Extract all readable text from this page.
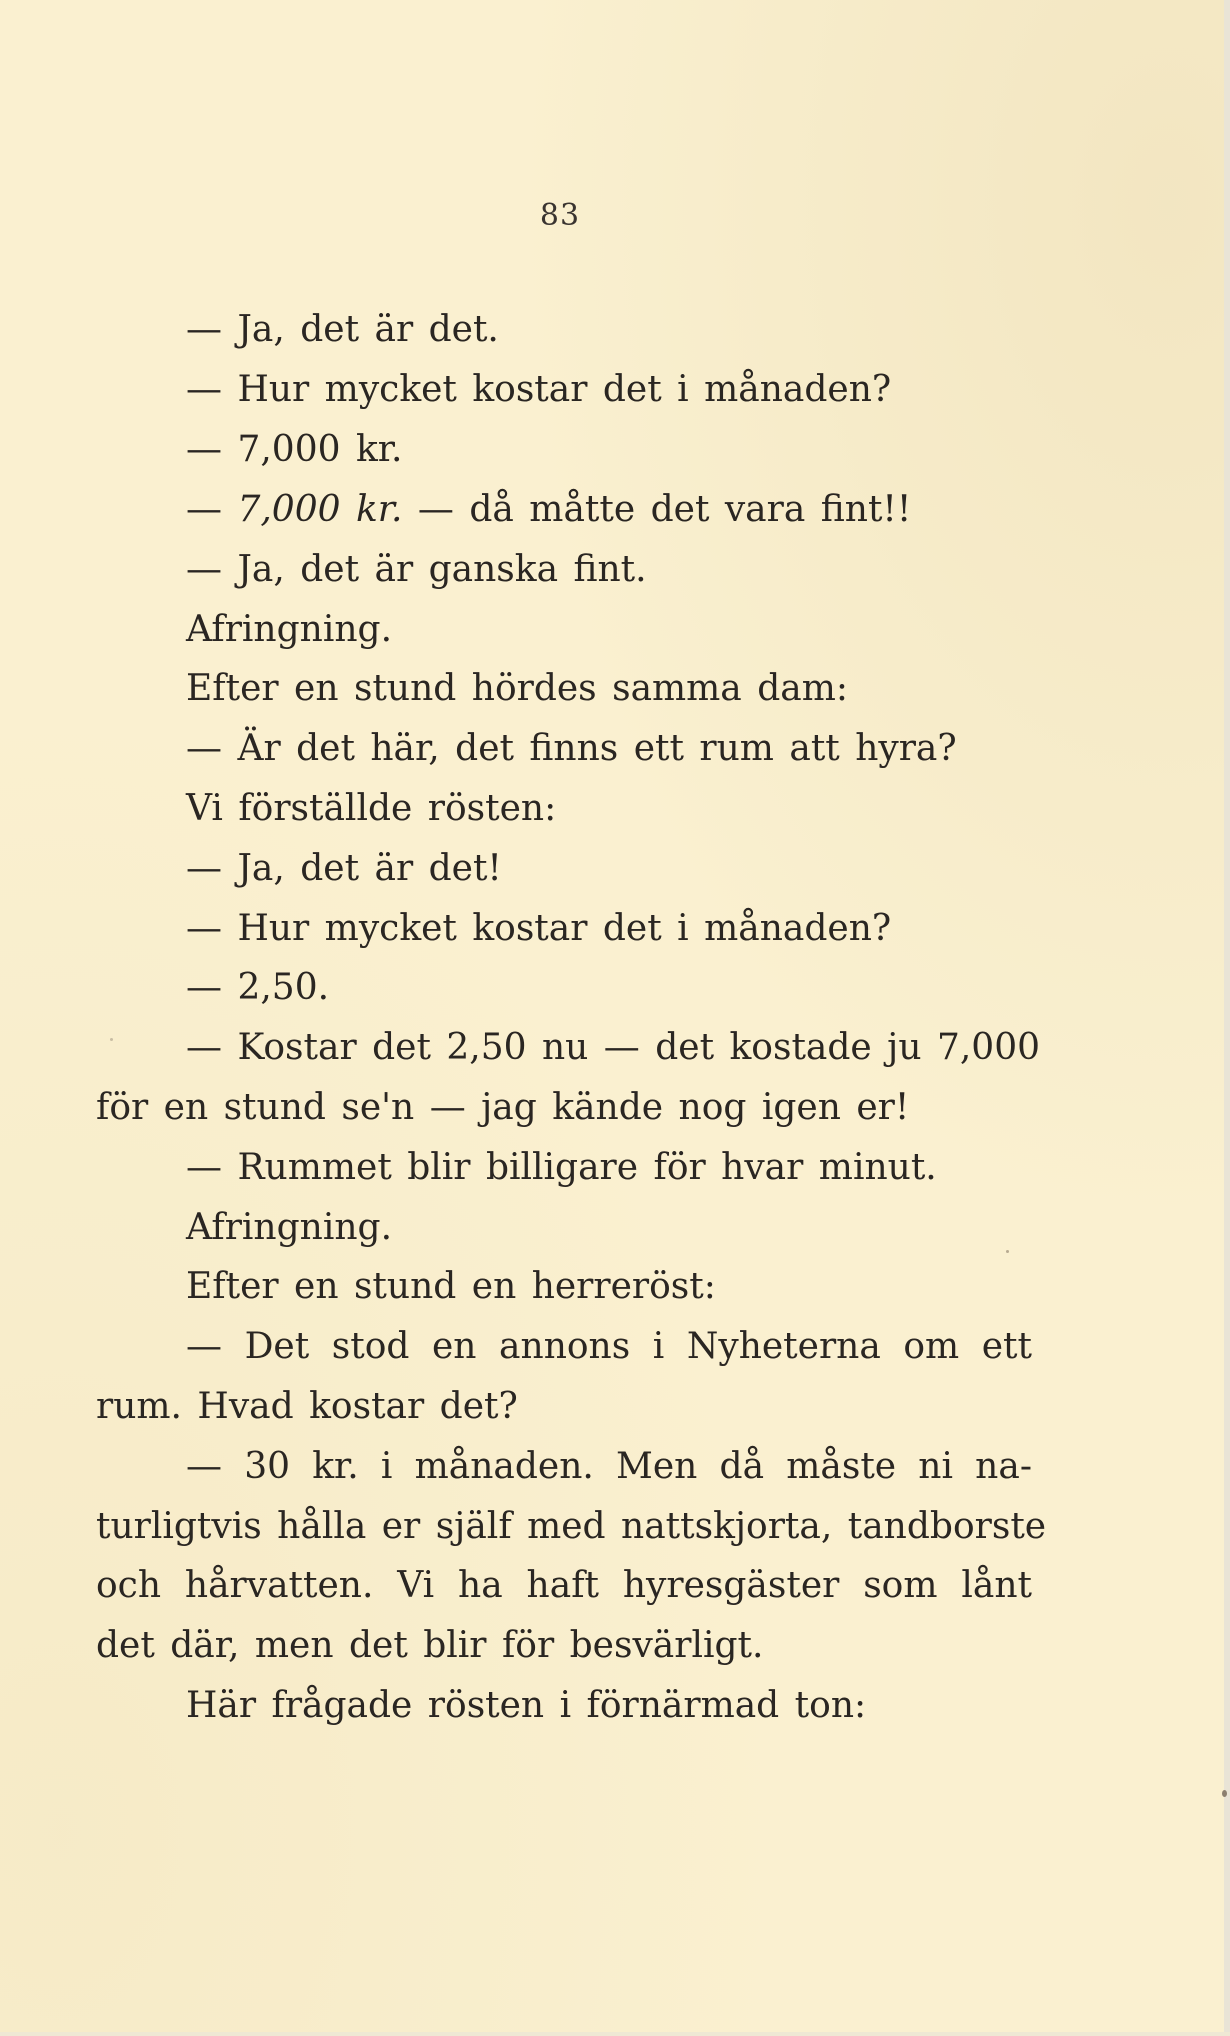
83
— Ja, det är det.
— Hur mycket kostar det i månaden?
— 7,000 kr.
— 7,000 kr. — då måtte det vara fint!!
— Ja, det är ganska fint.
Afringning.
Efter en stund hördes samma dam:
— Är det här, det finns ett rum att hyra?
Vi förställde rösten:
— Ja, det är det!
— Hur mycket kostar det i månaden?
— 2,50.
— Kostar det 2,50 nu — det kostade ju 7,000
för en stund se'n — jag kände nog igen er!
— Rummet blir billigare för hvar minut.
Afringning.
Efter en stund en herreröst:
— Det stod en annons i Nyheterna om ett
rum. Hvad kostar det?
— 30 kr. i månaden. Men då måste ni na-
turligtvis hålla er själf med nattskjorta, tandborste
och hårvatten. Vi ha haft hyresgäster som lånt
det där, men det blir för besvärligt.
Här frågade rösten i förnärmad ton:
